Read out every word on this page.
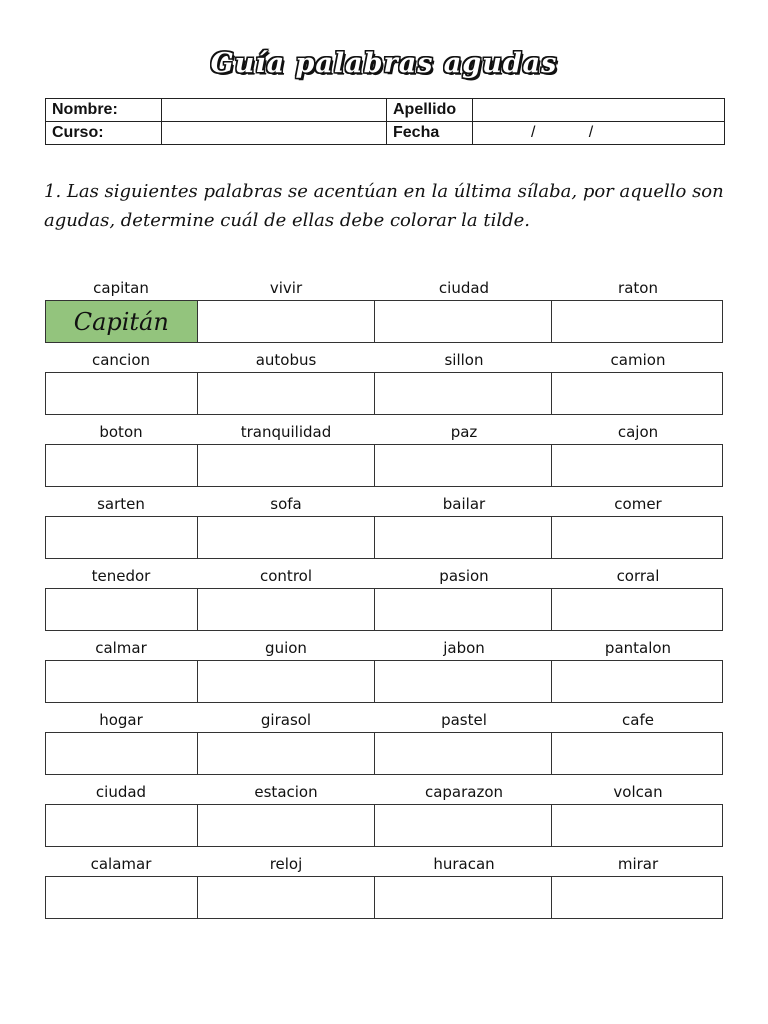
Guía palabras agudas
Nombre:		Apellido	
Curso:		Fecha	/            /
1. Las siguientes palabras se acentúan en la última sílaba, por aquello son agudas, determine cuál de ellas debe colorar la tilde.
capitan	vivir	ciudad	raton
Capitán
cancion	autobus	sillon	camion
boton	tranquilidad	paz	cajon
sarten	sofa	bailar	comer
tenedor	control	pasion	corral
calmar	guion	jabon	pantalon
hogar	girasol	pastel	cafe
ciudad	estacion	caparazon	volcan
calamar	reloj	huracan	mirar
